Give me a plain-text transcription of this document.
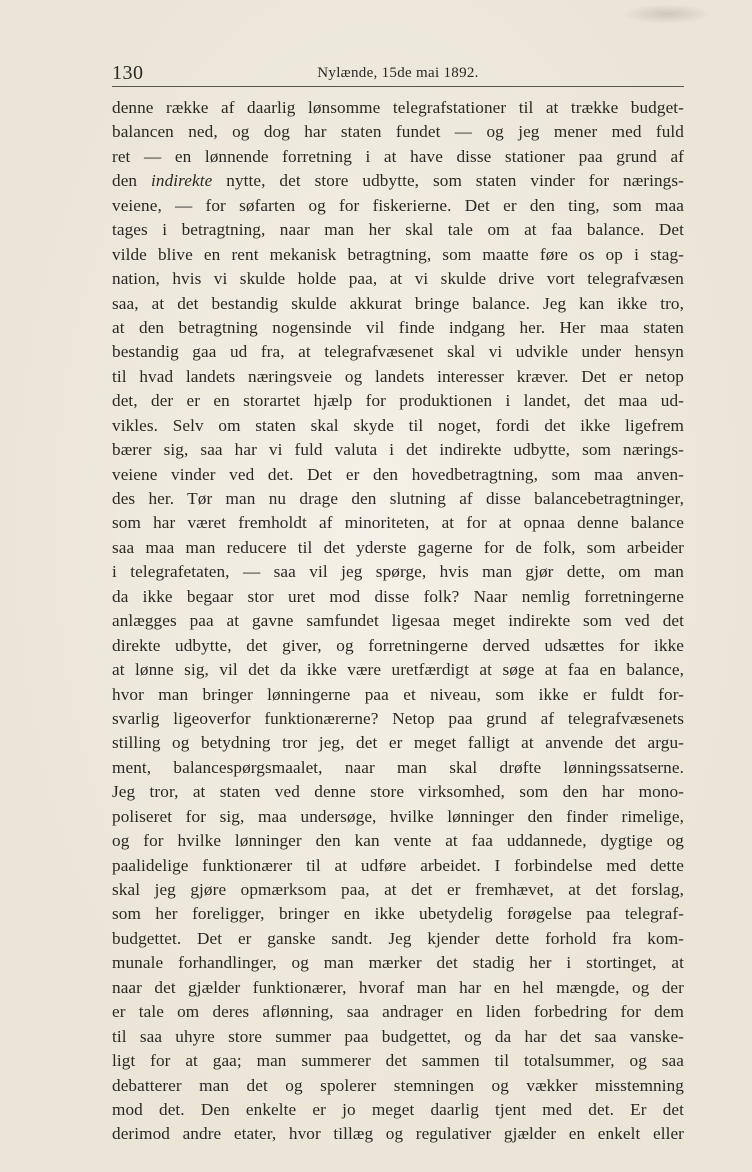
130	Nylænde, 15de mai 1892.
denne række af daarlig lønsomme telegrafstationer til at trække budget-
balancen ned, og dog har staten fundet — og jeg mener med fuld
ret — en lønnende forretning i at have disse stationer paa grund af
den indirekte nytte, det store udbytte, som staten vinder for nærings-
veiene, — for søfarten og for fiskerierne. Det er den ting, som maa
tages i betragtning, naar man her skal tale om at faa balance. Det
vilde blive en rent mekanisk betragtning, som maatte føre os op i stag-
nation, hvis vi skulde holde paa, at vi skulde drive vort telegrafvæsen
saa, at det bestandig skulde akkurat bringe balance. Jeg kan ikke tro,
at den betragtning nogensinde vil finde indgang her. Her maa staten
bestandig gaa ud fra, at telegrafvæsenet skal vi udvikle under hensyn
til hvad landets næringsveie og landets interesser kræver. Det er netop
det, der er en storartet hjælp for produktionen i landet, det maa ud-
vikles. Selv om staten skal skyde til noget, fordi det ikke ligefrem
bærer sig, saa har vi fuld valuta i det indirekte udbytte, som nærings-
veiene vinder ved det. Det er den hovedbetragtning, som maa anven-
des her. Tør man nu drage den slutning af disse balancebetragtninger,
som har været fremholdt af minoriteten, at for at opnaa denne balance
saa maa man reducere til det yderste gagerne for de folk, som arbeider
i telegrafetaten, — saa vil jeg spørge, hvis man gjør dette, om man
da ikke begaar stor uret mod disse folk? Naar nemlig forretningerne
anlægges paa at gavne samfundet ligesaa meget indirekte som ved det
direkte udbytte, det giver, og forretningerne derved udsættes for ikke
at lønne sig, vil det da ikke være uretfærdigt at søge at faa en balance,
hvor man bringer lønningerne paa et niveau, som ikke er fuldt for-
svarlig ligeoverfor funktionærerne? Netop paa grund af telegrafvæsenets
stilling og betydning tror jeg, det er meget falligt at anvende det argu-
ment, balancespørgsmaalet, naar man skal drøfte lønningssatserne.
Jeg tror, at staten ved denne store virksomhed, som den har mono-
poliseret for sig, maa undersøge, hvilke lønninger den finder rimelige,
og for hvilke lønninger den kan vente at faa uddannede, dygtige og
paalidelige funktionærer til at udføre arbeidet. I forbindelse med dette
skal jeg gjøre opmærksom paa, at det er fremhævet, at det forslag,
som her foreligger, bringer en ikke ubetydelig forøgelse paa telegraf-
budgettet. Det er ganske sandt. Jeg kjender dette forhold fra kom-
munale forhandlinger, og man mærker det stadig her i stortinget, at
naar det gjælder funktionærer, hvoraf man har en hel mængde, og der
er tale om deres aflønning, saa andrager en liden forbedring for dem
til saa uhyre store summer paa budgettet, og da har det saa vanske-
ligt for at gaa; man summerer det sammen til totalsummer, og saa
debatterer man det og spolerer stemningen og vækker misstemning
mod det. Den enkelte er jo meget daarlig tjent med det. Er det
derimod andre etater, hvor tillæg og regulativer gjælder en enkelt eller
